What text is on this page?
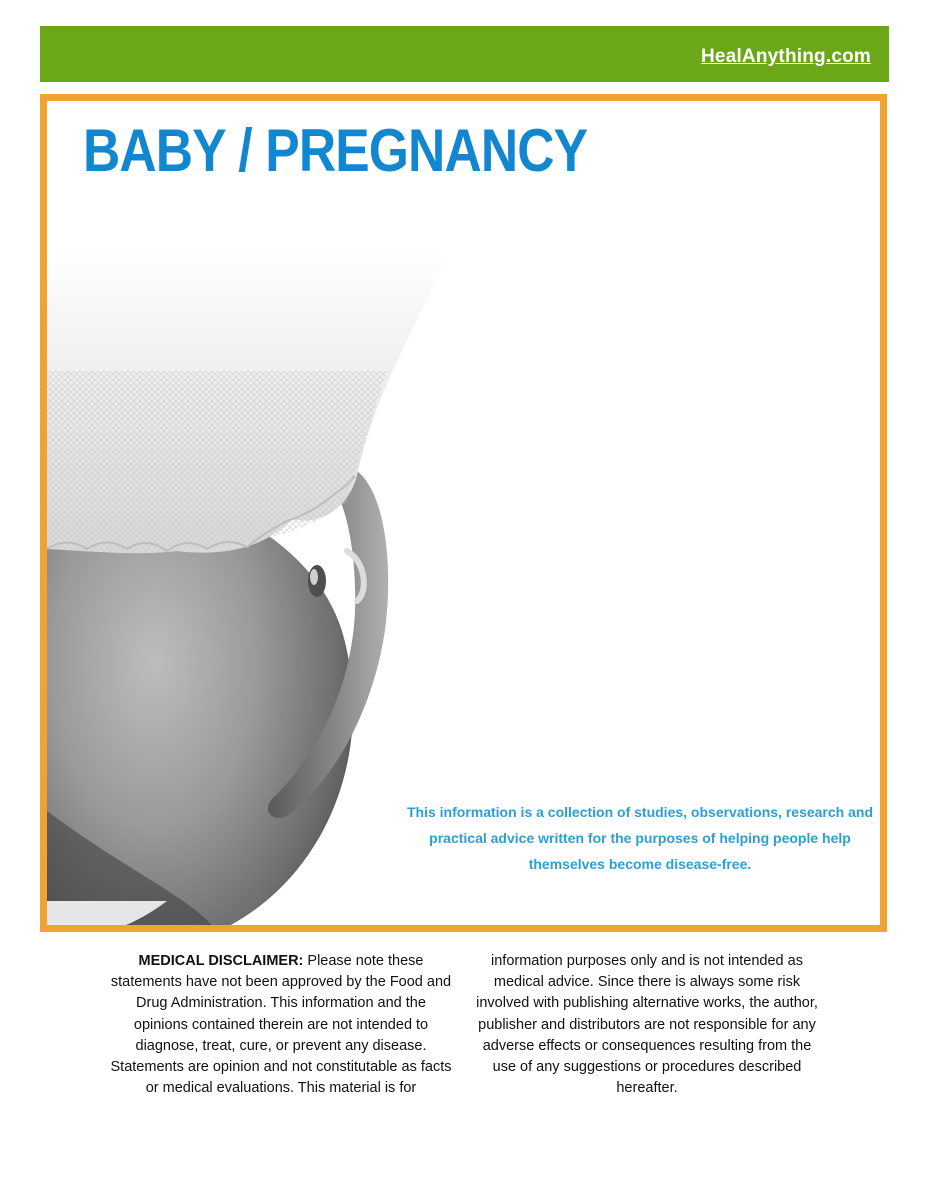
HealAnything.com
BABY / PREGNANCY

This information is a collection of studies, observations, research and practical advice written for the purposes of helping people help themselves become disease-free.

MEDICAL DISCLAIMER: Please note these statements have not been approved by the Food and Drug Administration. This information and the opinions contained therein are not intended to diagnose, treat, cure, or prevent any disease. Statements are opinion and not constitutable as facts or medical evaluations. This material is for

information purposes only and is not intended as medical advice. Since there is always some risk involved with publishing alternative works, the author, publisher and distributors are not responsible for any adverse effects or consequences resulting from the use of any suggestions or procedures described hereafter.
